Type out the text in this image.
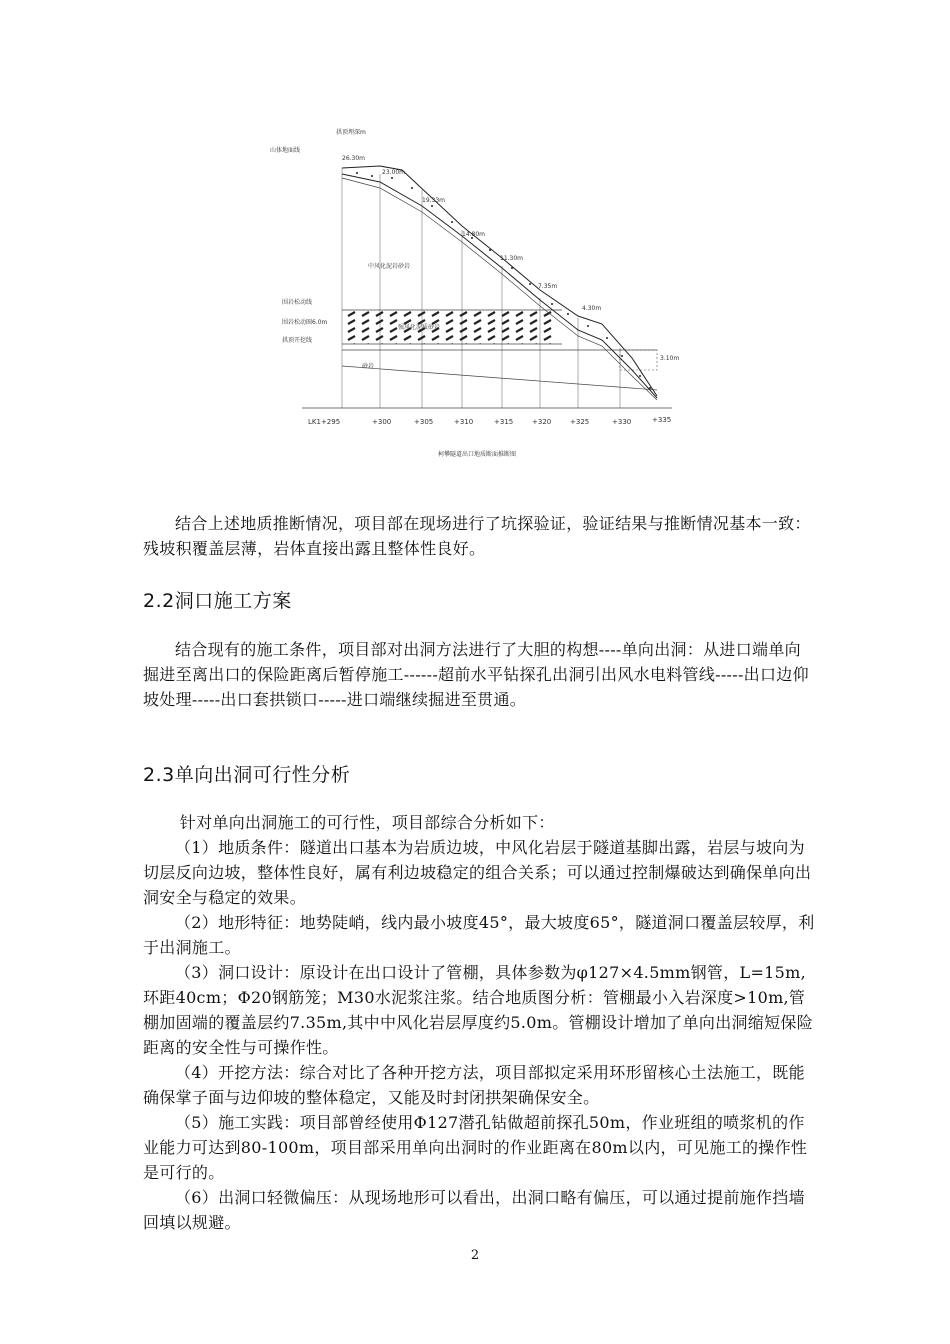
拱顶埋深m
山体地面线
26.30m
23.00m
19.33m
14.80m
11.30m
7.35m
4.30m
3.10m
中风化泥岩砂岩
围岩松动线
围岩松动圈6.0m
拱顶开挖线
强风化泥质砂岩
砂岩
LK1+295	+300	+305	+310	+315	+320	+325	+330	+335
柯攀隧道出口地质断面推断图

结合上述地质推断情况，项目部在现场进行了坑探验证，验证结果与推断情况基本一致：残坡积覆盖层薄，岩体直接出露且整体性良好。

2.2洞口施工方案

结合现有的施工条件，项目部对出洞方法进行了大胆的构想----单向出洞：从进口端单向掘进至离出口的保险距离后暂停施工------超前水平钻探孔出洞引出风水电料管线-----出口边仰坡处理-----出口套拱锁口-----进口端继续掘进至贯通。

2.3单向出洞可行性分析

针对单向出洞施工的可行性，项目部综合分析如下：

（1）地质条件：隧道出口基本为岩质边坡，中风化岩层于隧道基脚出露，岩层与坡向为切层反向边坡，整体性良好，属有利边坡稳定的组合关系；可以通过控制爆破达到确保单向出洞安全与稳定的效果。

（2）地形特征：地势陡峭，线内最小坡度45°，最大坡度65°，隧道洞口覆盖层较厚，利于出洞施工。

（3）洞口设计：原设计在出口设计了管棚，具体参数为φ127×4.5mm钢管，L=15m,环距40cm；Φ20钢筋笼；M30水泥浆注浆。结合地质图分析：管棚最小入岩深度>10m,管棚加固端的覆盖层约7.35m,其中中风化岩层厚度约5.0m。管棚设计增加了单向出洞缩短保险距离的安全性与可操作性。

（4）开挖方法：综合对比了各种开挖方法，项目部拟定采用环形留核心土法施工，既能确保掌子面与边仰坡的整体稳定，又能及时封闭拱架确保安全。

（5）施工实践：项目部曾经使用Φ127潜孔钻做超前探孔50m，作业班组的喷浆机的作业能力可达到80-100m，项目部采用单向出洞时的作业距离在80m以内，可见施工的操作性是可行的。

（6）出洞口轻微偏压：从现场地形可以看出，出洞口略有偏压，可以通过提前施作挡墙回填以规避。

2
